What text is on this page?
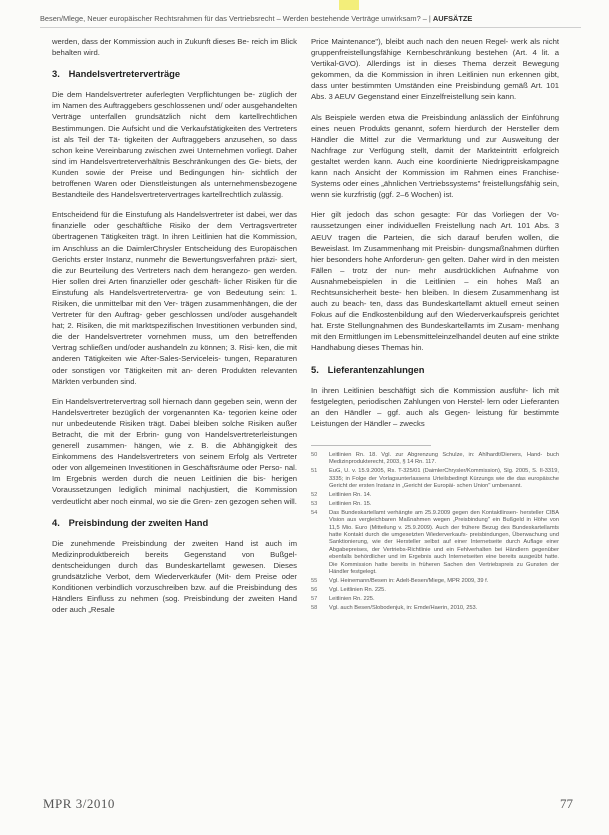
Besen/Mlege, Neuer europäischer Rechtsrahmen für das Vertriebsrecht – Werden bestehende Verträge unwirksam? – | AUFSÄTZE

werden, dass der Kommission auch in Zukunft dieses Be- reich im Blick behalten wird.

3. Handelsvertreterverträge

Die dem Handelsvertreter auferlegten Verpflichtungen be- züglich der im Namen des Auftraggebers geschlossenen und/ oder ausgehandelten Verträge unterfallen grundsätzlich nicht dem kartellrechtlichen Bestimmungen. Die Aufsicht und die Verkaufstätigkeiten des Vertreters ist als Teil der Tä- tigkeiten der Auftraggebers anzusehen, so dass schon keine Vereinbarung zwischen zwei Unternehmen vorliegt. Daher sind im Handelsvertreterverhältnis Beschränkungen des Ge- biets, der Kunden sowie der Preise und Bedingungen hin- sichtlich der betroffenen Waren oder Dienstleistungen als unternehmensbezogene Bestandteile des Handelsvertretervertrages kartellrechtlich zulässig.

Entscheidend für die Einstufung als Handelsvertreter ist dabei, wer das finanzielle oder geschäftliche Risiko der dem Vertragsvertreter übertragenen Tätigkeiten trägt. In ihren Leitlinien hat die Kommission, im Anschluss an die DaimlerChrysler Entscheidung des Europäischen Gerichts erster Instanz, nunmehr die Bewertungsverfahren präzi- siert, die zur Beurteilung des Vertreters nach dem herangezo- gen werden. Hier sollen drei Arten finanzieller oder geschäft- licher Risiken für die Einstufung als Handelsvertretervertra- ge von Bedeutung sein: 1. Risiken, die unmittelbar mit den Ver- trägen zusammenhängen, die der Vertreter für den Auftrag- geber geschlossen und/oder ausgehandelt hat; 2. Risiken, die mit marktspezifischen Investitionen verbunden sind, die der Handelsvertreter vornehmen muss, um den betreffenden Vertrag schließen und/oder aushandeln zu können; 3. Risi- ken, die mit anderen Tätigkeiten wie After-Sales-Serviceleis- tungen, Reparaturen oder sonstigen vor Tätigkeiten mit an- deren Produkten relevanten Märkten verbunden sind.

Ein Handelsvertretervertrag soll hiernach dann gegeben sein, wenn der Handelsvertreter bezüglich der vorgenannten Ka- tegorien keine oder nur unbedeutende Risiken trägt. Dabei bleiben solche Risiken außer Betracht, die mit der Erbrin- gung von Handelsvertreterleistungen generell zusammen- hängen, wie z. B. die Abhängigkeit des Einkommens des Handelsvertreters von seinem Erfolg als Vertreter oder von allgemeinen Investitionen in Geschäftsräume oder Perso- nal. Im Ergebnis werden durch die neuen Leitlinien die bis- herigen Voraussetzungen lediglich minimal nachjustiert, die Kommission verdeutlicht aber noch einmal, wo sie die Gren- zen gezogen sehen will.

4. Preisbindung der zweiten Hand

Die zunehmende Preisbindung der zweiten Hand ist auch im Medizinproduktbereich bereits Gegenstand von Bußgel- dentscheidungen durch das Bundeskartellamt gewesen. Dieses grundsätzliche Verbot, dem Wiederverkäufer (Mit- dem Preise oder Konditionen verbindlich vorzuschreiben bzw. auf die Preisbindung des Händlers Einfluss zu nehmen (sog. Preisbindung der zweiten Hand oder auch „Resale

Price Maintenance"), bleibt auch nach den neuen Regel- werk als nicht gruppenfreistellungsfähige Kernbeschränkung bestehen (Art. 4 lit. a Vertikal-GVO). Allerdings ist in dieses Thema derzeit Bewegung gekommen, da die Kommission in ihren Leitlinien nun erkennen gibt, dass unter bestimmten Umständen eine Preisbindung gemäß Art. 101 Abs. 3 AEUV Gegenstand einer Einzelfreistellung sein kann.

Als Beispiele werden etwa die Preisbindung anlässlich der Einführung eines neuen Produkts genannt, sofern hierdurch der Hersteller dem Händler die Mittel zur die Vermarktung und zur Ausweitung der Nachfrage zur Verfügung stellt, damit der Markteintritt erfolgreich gestaltet werden kann. Auch eine koordinierte Niedrigpreiskampagne kann nach Ansicht der Kommission im Rahmen eines Franchise-Systems oder eines „ähnlichen Vertriebssystems" freistellungsfähig sein, wenn sie kurzfristig (ggf. 2–6 Wochen) ist.

Hier gilt jedoch das schon gesagte: Für das Vorliegen der Vo- raussetzungen einer individuellen Freistellung nach Art. 101 Abs. 3 AEUV tragen die Parteien, die sich darauf berufen wollen, die Beweislast. Im Zusammenhang mit Preisbin- dungsmaßnahmen dürften hier besonders hohe Anforderun- gen gelten. Daher wird in den meisten Fällen – trotz der nun- mehr ausdrücklichen Aufnahme von Ausnahmebeispielen in die Leitlinien – ein hohes Maß an Rechtsunsicherheit beste- hen bleiben. In diesem Zusammenhang ist auch zu beach- ten, dass das Bundeskartellamt aktuell erneut seinen Fokus auf die Endkostenbildung auf den Wiederverkaufspreis gerichtet hat. Erste Stellungnahmen des Bundeskartellamts im Zusam- menhang mit den Ermittlungen im Lebensmitteleinzelhandel deuten auf eine strikte Handhabung dieses Themas hin.

5. Lieferantenzahlungen

In ihren Leitlinien beschäftigt sich die Kommission ausführ- lich mit festgelegten, periodischen Zahlungen von Herstel- lern oder Lieferanten an den Händler – ggf. auch als Gegen- leistung für bestimmte Leistungen der Händler – zwecks

50	Leitlinien Rn. 18. Vgl. zur Abgrenzung Schulze, in: Ahlhardt/Dieners, Hand- buch Medizinprodukterecht, 2003, § 14 Rn. 117.
51	EuG, U. v. 15.9.2005, Rs. T-325/01 (DaimlerChrysler/Kommission), Slg. 2005, S. II-3319, 3335; in Folge der Vorlagsunterlassens Urteilsbedingt Kürzungs wie die das europäische Gericht der ersten Instanz in „Gericht der Europäi- schen Union" umbenannt.
52	Leitlinien Rn. 14.
53	Leitlinien Rn. 15.
54	Das Bundeskartellamt verhängte am 25.9.2009 gegen den Kontaktlinsen- hersteller CIBA Vision aus vergleichbaren Maßnahmen wegen „Preisbindung" ein Bußgeld in Höhe von 11,5 Mio. Euro (Mitteilung v. 25.9.2009). Auch der frühere Bezug des Bundeskartellamts hatte Kontakt durch die umgesetzten Wiederverkaufs- preisbindungen, Überwachung und Sanktionierung, wie der Hersteller selbst auf einer Internetseite durch Auflage einer Abgabepreises, der Vertriebs-Richtlinie und ein Fehlverhalten bei Händlern gegenüber ebenfalls behördlicher und im Ergebnis auch Internetseiten eine bereits ausgeübt hatte. Die Kommission hatte bereits in früheren Sachen den Vertriebspreis zu Gunsten der Händler festgelegt.
55	Vgl. Heinemann/Besen in: Adelt-Besen/Miege, MPR 2009, 39 f.
56	Vgl. Leitlinien Rn. 225.
57	Leitlinien Rn. 225.
58	Vgl. auch Besen/Slobodenjuk, in: Emde/Haerin, 2010, 253.
MPR 3/2010	77
